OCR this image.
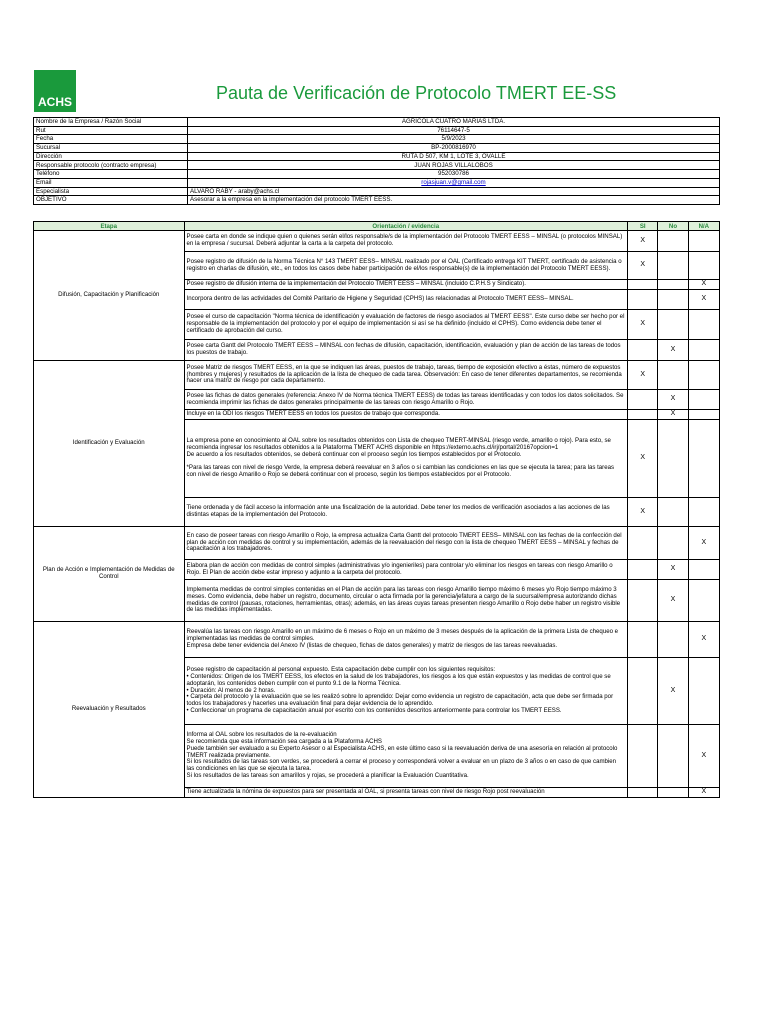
ACHS	Pauta de Verificación de Protocolo TMERT EE-SS
Nombre de la Empresa / Razón Social	AGRICOLA CUATRO MARIAS LTDA.
Rut	76114647-5
Fecha	5/9/2023
Sucursal	BP-2000816970
Dirección	RUTA D 507, KM 1, LOTE 3, OVALLE
Responsable protocolo (contracto empresa)	JUAN ROJAS VILLALOBOS
Teléfono	952030786
Email	rojasjuan.v@gmail.com
Especialista	ALVARO RABY - araby@achs.cl
OBJETIVO	Asesorar a la empresa en la implementación del protocolo TMERT EESS.
Etapa	Orientación / evidencia	SI	No	N/A
Difusión, Capacitación y Planificación	Posee carta en donde se indique quien o quienes serán el/los responsable/s de la implementación del Protocolo TMERT EESS – MINSAL (o protocolos MINSAL) en la empresa / sucursal. Deberá adjuntar la carta a la carpeta del protocolo.	X		
	Posee registro de difusión de la Norma Técnica N° 143 TMERT EESS– MINSAL realizado por el OAL (Certificado entrega KIT TMERT, certificado de asistencia o registro en charlas de difusión, etc., en todos los casos debe haber participación de el/los responsable(s) de la implementación del Protocolo TMERT EESS).	X		
	Posee registro de difusión interna de la implementación del Protocolo TMERT EESS – MINSAL (incluido C.P.H.S y Sindicato).			X
	Incorpora dentro de las actividades del Comité Paritario de Higiene y Seguridad (CPHS) las relacionadas al Protocolo TMERT EESS– MINSAL.			X
	Posee el curso de capacitación "Norma técnica de identificación y evaluación de factores de riesgo asociados al TMERT EESS". Este curso debe ser hecho por el responsable de la implementación del protocolo y por el equipo de implementación si así se ha definido (incluido el CPHS). Como evidencia debe tener el certificado de aprobación del curso.	X		
	Posee carta Gantt del Protocolo TMERT EESS – MINSAL con fechas de difusión, capacitación, identificación, evaluación y plan de acción de las tareas de todos los puestos de trabajo.		X	
Identificación y Evaluación	Posee Matriz de riesgos TMERT EESS, en la que se indiquen las áreas, puestos de trabajo, tareas, tiempo de exposición efectivo a éstas, número de expuestos (hombres y mujeres) y resultados de la aplicación de la lista de chequeo de cada tarea. Observación: En caso de tener diferentes departamentos, se recomienda hacer una matriz de riesgo por cada departamento.	X		
	Posee las fichas de datos generales (referencia: Anexo IV de Norma técnica TMERT EESS) de todas las tareas identificadas y con todos los datos solicitados. Se recomienda imprimir las fichas de datos generales principalmente de las tareas con riesgo Amarillo o Rojo.		X	
	Incluye en la ODI los riesgos TMERT EESS en todos los puestos de trabajo que corresponda.		X	
	La empresa pone en conocimiento al OAL sobre los resultados obtenidos con Lista de chequeo TMERT-MINSAL (riesgo verde, amarillo o rojo). Para esto, se recomienda ingresar los resultados obtenidos a la Plataforma TMERT ACHS disponible en https://externo.achs.cl/irj/portal/20167opcion=1
De acuerdo a los resultados obtenidos, se deberá continuar con el proceso según los tiempos establecidos por el Protocolo.

*Para las tareas con nivel de riesgo Verde, la empresa deberá reevaluar en 3 años o si cambian las condiciones en las que se ejecuta la tarea; para las tareas con nivel de riesgo Amarillo o Rojo se deberá continuar con el proceso, según los tiempos establecidos por el Protocolo.	X		
	Tiene ordenada y de fácil acceso la información ante una fiscalización de la autoridad. Debe tener los medios de verificación asociados a las acciones de las distintas etapas de la implementación del Protocolo.	X		
Plan de Acción e Implementación de Medidas de Control	En caso de poseer tareas con riesgo Amarillo o Rojo, la empresa actualiza Carta Gantt del protocolo TMERT EESS– MINSAL con las fechas de la confección del plan de acción con medidas de control y su implementación, además de la reevaluación del riesgo con la lista de chequeo TMERT EESS – MINSAL y fechas de capacitación a los trabajadores.			X
	Elabora plan de acción con medidas de control simples (administrativas y/o ingenieriles) para controlar y/o eliminar los riesgos en tareas con riesgo Amarillo o Rojo. El Plan de acción debe estar impreso y adjunto a la carpeta del protocolo.		X	
	Implementa medidas de control simples contenidas en el Plan de acción para las tareas con riesgo Amarillo tiempo máximo 6 meses y/o Rojo tiempo máximo 3 meses. Como evidencia, debe haber un registro, documento, circular o acta firmada por la gerencia/jefatura a cargo de la sucursal/empresa autorizando dichas medidas de control (pausas, rotaciones, herramientas, otras); además, en las áreas cuyas tareas presenten riesgo Amarillo o Rojo debe haber un registro visible de las medidas implementadas.		X	
Reevaluación y Resultados	Reevalúa las tareas con riesgo Amarillo en un máximo de 6 meses o Rojo en un máximo de 3 meses después de la aplicación de la primera Lista de chequeo e implementadas las medidas de control simples.
Empresa debe tener evidencia del Anexo IV (listas de chequeo, fichas de datos generales) y matriz de riesgos de las tareas reevaluadas.			X
	Posee registro de capacitación al personal expuesto. Esta capacitación debe cumplir con los siguientes requisitos:
• Contenidos: Origen de los TMERT EESS, los efectos en la salud de los trabajadores, los riesgos a los que están expuestos y las medidas de control que se adoptarán, los contenidos deben cumplir con el punto 9.1 de la Norma Técnica.
• Duración: Al menos de 2 horas.
• Carpeta del protocolo y la evaluación que se les realizó sobre lo aprendido: Dejar como evidencia un registro de capacitación, acta que debe ser firmada por todos los trabajadores y hacerles una evaluación final para dejar evidencia de lo aprendido.
• Confeccionar un programa de capacitación anual por escrito con los contenidos descritos anteriormente para controlar los TMERT EESS.		X	
	Informa al OAL sobre los resultados de la re-evaluación
Se recomienda que esta información sea cargada a la Plataforma ACHS
Puede también ser evaluado a su Experto Asesor o al Especialista ACHS, en este último caso si la reevaluación deriva de una asesoría en relación al protocolo TMERT realizada previamente.
Si los resultados de las tareas son verdes, se procederá a cerrar el proceso y corresponderá volver a evaluar en un plazo de 3 años o en caso de que cambien las condiciones en las que se ejecuta la tarea.
Si los resultados de las tareas son amarillos y rojas, se procederá a planificar la Evaluación Cuantitativa.			X
	Tiene actualizada la nómina de expuestos para ser presentada al OAL, si presenta tareas con nivel de riesgo Rojo post reevaluación			X
